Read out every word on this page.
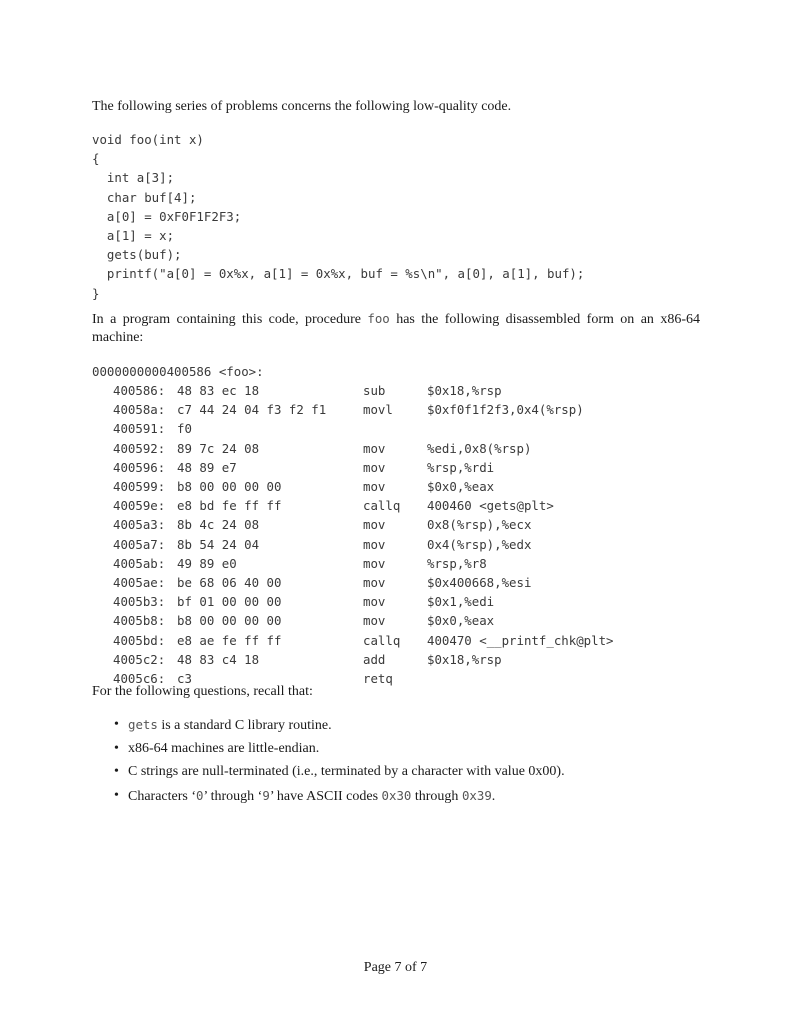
The following series of problems concerns the following low-quality code.
void foo(int x)
{
int a[3];
char buf[4];
a[0] = 0xF0F1F2F3;
a[1] = x;
gets(buf);
printf("a[0] = 0x%x, a[1] = 0x%x, buf = %s\n", a[0], a[1], buf);
}
In a program containing this code, procedure foo has the following disassembled form on an x86-64 machine:
0000000000400586 <foo>:
400586:	48 83 ec 18	sub	$0x18,%rsp
40058a:	c7 44 24 04 f3 f2 f1	movl	$0xf0f1f2f3,0x4(%rsp)
400591:	f0		
400592:	89 7c 24 08	mov	%edi,0x8(%rsp)
400596:	48 89 e7	mov	%rsp,%rdi
400599:	b8 00 00 00 00	mov	$0x0,%eax
40059e:	e8 bd fe ff ff	callq	400460 <gets@plt>
4005a3:	8b 4c 24 08	mov	0x8(%rsp),%ecx
4005a7:	8b 54 24 04	mov	0x4(%rsp),%edx
4005ab:	49 89 e0	mov	%rsp,%r8
4005ae:	be 68 06 40 00	mov	$0x400668,%esi
4005b3:	bf 01 00 00 00	mov	$0x1,%edi
4005b8:	b8 00 00 00 00	mov	$0x0,%eax
4005bd:	e8 ae fe ff ff	callq	400470 <__printf_chk@plt>
4005c2:	48 83 c4 18	add	$0x18,%rsp
4005c6:	c3	retq	
For the following questions, recall that:
• gets is a standard C library routine.
• x86-64 machines are little-endian.
• C strings are null-terminated (i.e., terminated by a character with value 0x00).
• Characters ‘0’ through ‘9’ have ASCII codes 0x30 through 0x39.
Page 7 of 7
